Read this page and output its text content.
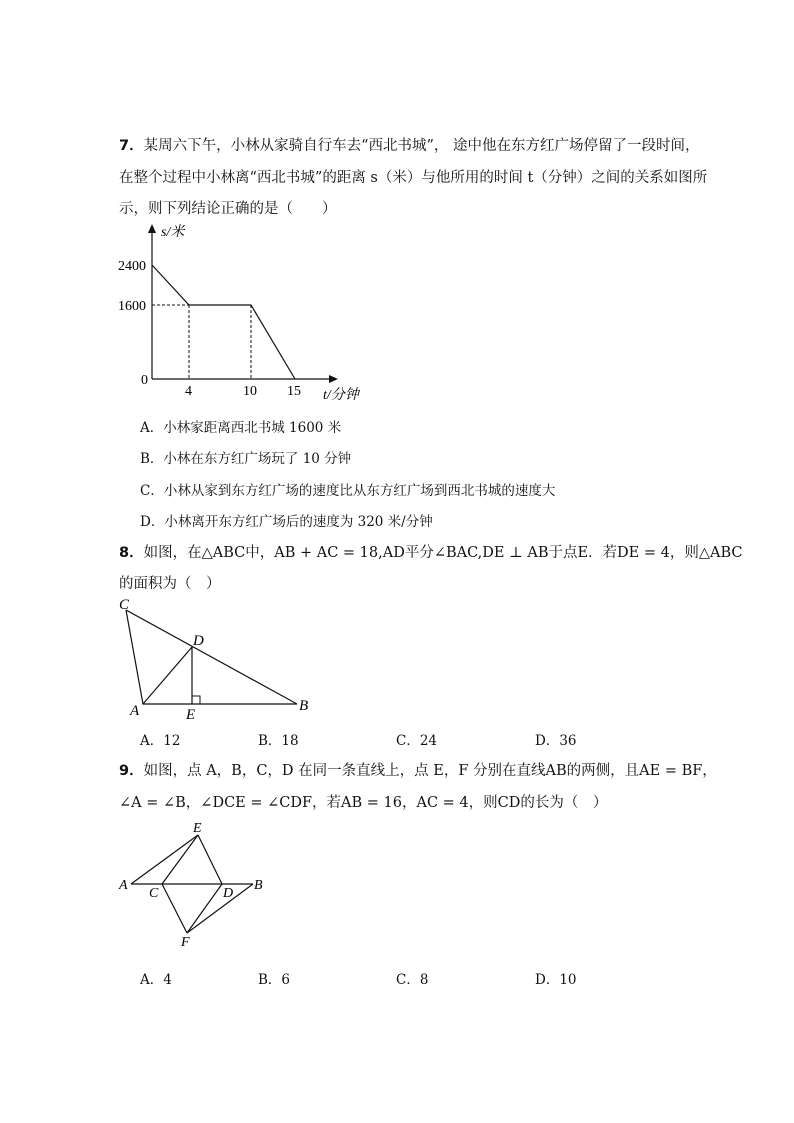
7．某周六下午，小林从家骑自行车去“西北书城”， 途中他在东方红广场停留了一段时间，
在整个过程中小林离“西北书城”的距离 s（米）与他所用的时间 t（分钟）之间的关系如图所
示，则下列结论正确的是（　　）
s/米
2400
1600
0
4	10 15 t/分钟
A．小林家距离西北书城 1600 米
B．小林在东方红广场玩了 10 分钟
C．小林从家到东方红广场的速度比从东方红广场到西北书城的速度大
D．小林离开东方红广场后的速度为 320 米/分钟
8．如图，在△ABC中，AB + AC = 18,AD平分∠BAC,DE ⊥ AB于点E．若DE = 4，则△ABC
的面积为（　）
C
D
A	E
B
A．12	B．18	C．24	D．36
9．如图，点 A，B，C，D 在同一条直线上，点 E，F 分别在直线AB的两侧，且AE = BF，
∠A = ∠B，∠DCE = ∠CDF，若AB = 16，AC = 4，则CD的长为（　）
E
A
C	D
B
F
A．4	B．6	C．8	D．10
